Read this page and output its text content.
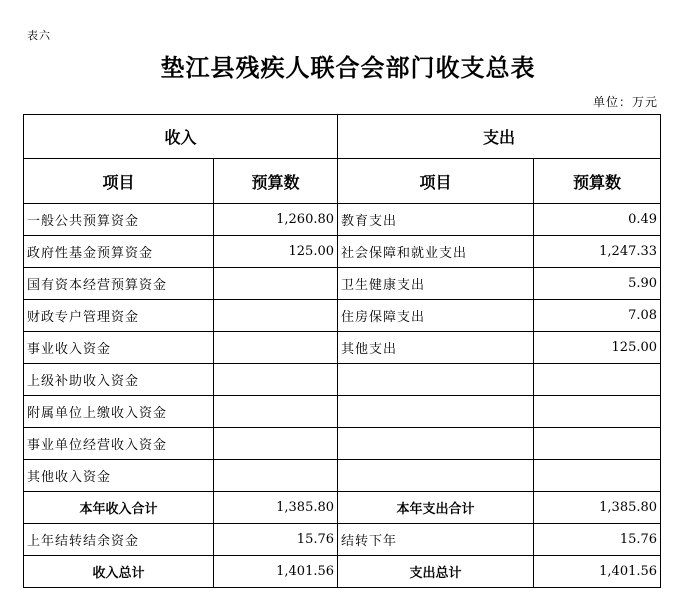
表六
垫江县残疾人联合会部门收支总表
单位：万元
收入		支出	
项目	预算数	项目	预算数
一般公共预算资金	1,260.80	教育支出	0.49
政府性基金预算资金	125.00	社会保障和就业支出	1,247.33
国有资本经营预算资金		卫生健康支出	5.90
财政专户管理资金		住房保障支出	7.08
事业收入资金		其他支出	125.00
上级补助收入资金			
附属单位上缴收入资金			
事业单位经营收入资金			
其他收入资金			
本年收入合计	1,385.80	本年支出合计	1,385.80
上年结转结余资金	15.76	结转下年	15.76
收入总计	1,401.56	支出总计	1,401.56
